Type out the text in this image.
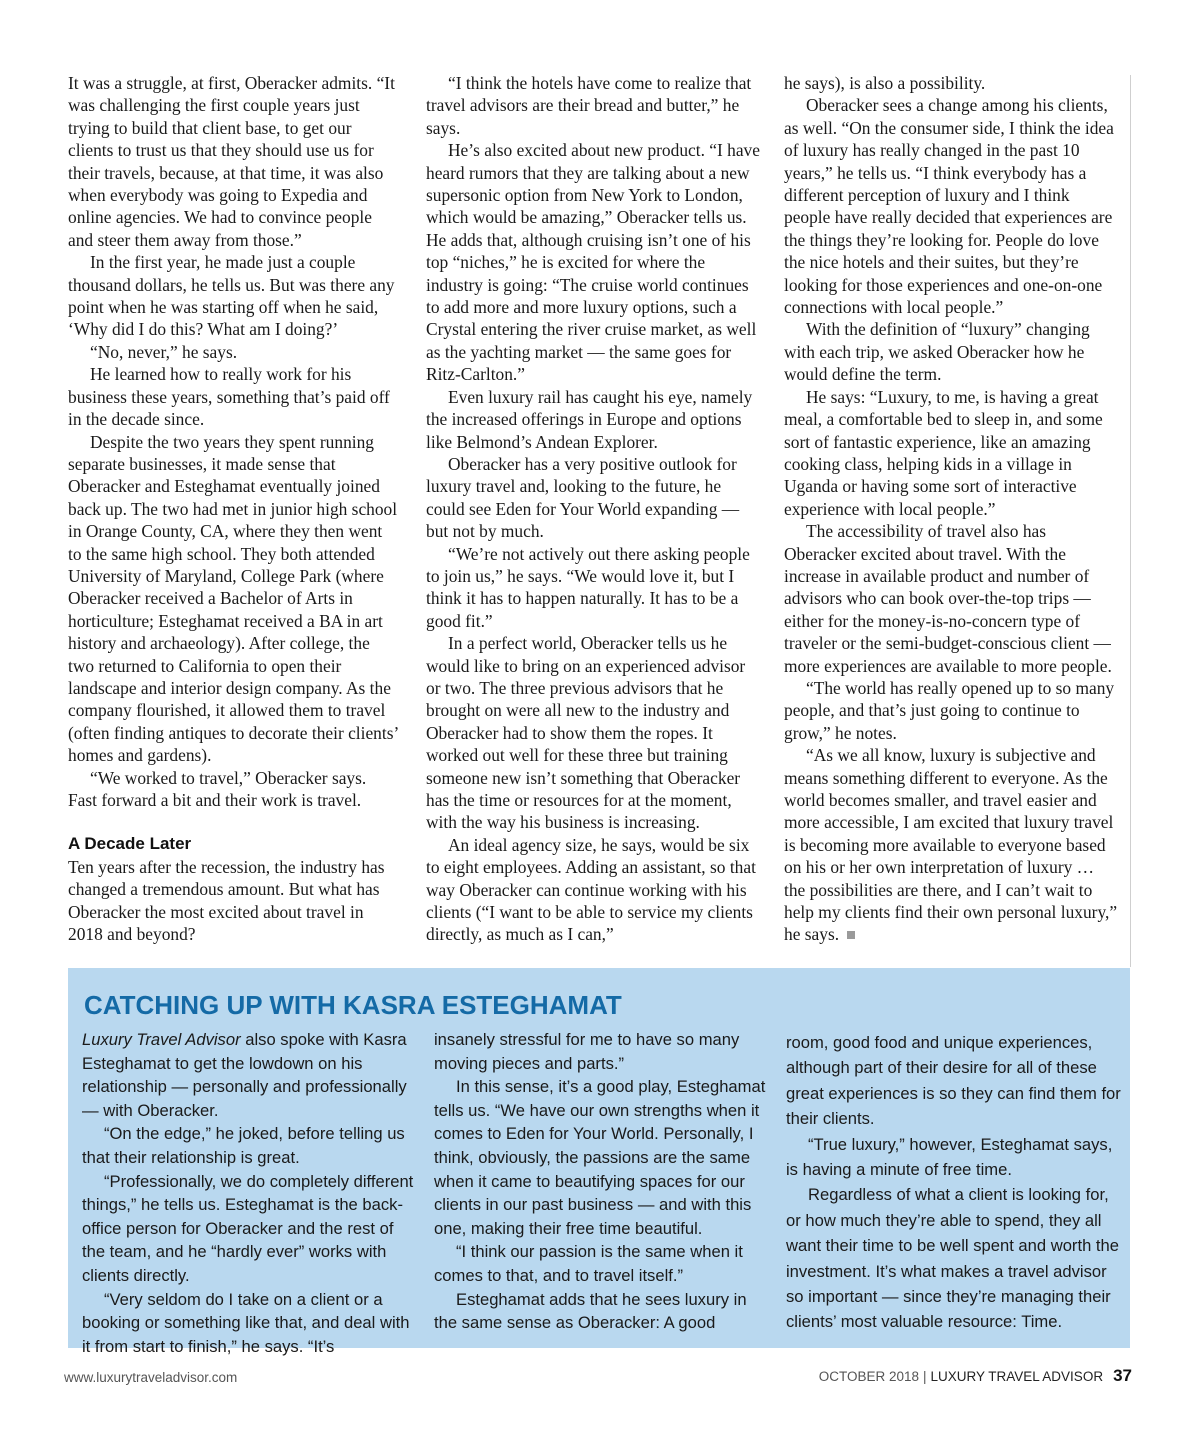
It was a struggle, at first, Oberacker admits. “It was challenging the first couple years just trying to build that client base, to get our clients to trust us that they should use us for their travels, because, at that time, it was also when everybody was going to Expedia and online agencies. We had to convince people and steer them away from those.”

In the first year, he made just a couple thousand dollars, he tells us. But was there any point when he was starting off when he said, ‘Why did I do this? What am I doing?’

“No, never,” he says.

He learned how to really work for his business these years, something that’s paid off in the decade since.

Despite the two years they spent running separate businesses, it made sense that Oberacker and Esteghamat eventually joined back up. The two had met in junior high school in Orange County, CA, where they then went to the same high school. They both attended University of Maryland, College Park (where Oberacker received a Bachelor of Arts in horticulture; Esteghamat received a BA in art history and archaeology). After college, the two returned to California to open their landscape and interior design company. As the company flourished, it allowed them to travel (often finding antiques to decorate their clients’ homes and gardens).

“We worked to travel,” Oberacker says. Fast forward a bit and their work is travel.

A Decade Later

Ten years after the recession, the industry has changed a tremendous amount. But what has Oberacker the most excited about travel in 2018 and beyond?

“I think the hotels have come to realize that travel advisors are their bread and butter,” he says.

He’s also excited about new product. “I have heard rumors that they are talking about a new supersonic option from New York to London, which would be amazing,” Oberacker tells us. He adds that, although cruising isn’t one of his top “niches,” he is excited for where the industry is going: “The cruise world continues to add more and more luxury options, such a Crystal entering the river cruise market, as well as the yachting market — the same goes for Ritz-Carlton.”

Even luxury rail has caught his eye, namely the increased offerings in Europe and options like Belmond’s Andean Explorer.

Oberacker has a very positive outlook for luxury travel and, looking to the future, he could see Eden for Your World expanding — but not by much.

“We’re not actively out there asking people to join us,” he says. “We would love it, but I think it has to happen naturally. It has to be a good fit.”

In a perfect world, Oberacker tells us he would like to bring on an experienced advisor or two. The three previous advisors that he brought on were all new to the industry and Oberacker had to show them the ropes. It worked out well for these three but training someone new isn’t something that Oberacker has the time or resources for at the moment, with the way his business is increasing.

An ideal agency size, he says, would be six to eight employees. Adding an assistant, so that way Oberacker can continue working with his clients (“I want to be able to service my clients directly, as much as I can,”

he says), is also a possibility.

Oberacker sees a change among his clients, as well. “On the consumer side, I think the idea of luxury has really changed in the past 10 years,” he tells us. “I think everybody has a different perception of luxury and I think people have really decided that experiences are the things they’re looking for. People do love the nice hotels and their suites, but they’re looking for those experiences and one-on-one connections with local people.”

With the definition of “luxury” changing with each trip, we asked Oberacker how he would define the term.

He says: “Luxury, to me, is having a great meal, a comfortable bed to sleep in, and some sort of fantastic experience, like an amazing cooking class, helping kids in a village in Uganda or having some sort of interactive experience with local people.”

The accessibility of travel also has Oberacker excited about travel. With the increase in available product and number of advisors who can book over-the-top trips — either for the money-is-no-concern type of traveler or the semi-budget-conscious client — more experiences are available to more people.

“The world has really opened up to so many people, and that’s just going to continue to grow,” he notes.

“As we all know, luxury is subjective and means something different to everyone. As the world becomes smaller, and travel easier and more accessible, I am excited that luxury travel is becoming more available to everyone based on his or her own interpretation of luxury … the possibilities are there, and I can’t wait to help my clients find their own personal luxury,” he says.

CATCHING UP WITH KASRA ESTEGHAMAT

Luxury Travel Advisor also spoke with Kasra Esteghamat to get the lowdown on his relationship — personally and professionally — with Oberacker.

“On the edge,” he joked, before telling us that their relationship is great.

“Professionally, we do completely different things,” he tells us. Esteghamat is the back-office person for Oberacker and the rest of the team, and he “hardly ever” works with clients directly.

“Very seldom do I take on a client or a booking or something like that, and deal with it from start to finish,” he says. “It’s

insanely stressful for me to have so many moving pieces and parts.”

In this sense, it’s a good play, Esteghamat tells us. “We have our own strengths when it comes to Eden for Your World. Personally, I think, obviously, the passions are the same when it came to beautifying spaces for our clients in our past business — and with this one, making their free time beautiful.

“I think our passion is the same when it comes to that, and to travel itself.”

Esteghamat adds that he sees luxury in the same sense as Oberacker: A good

room, good food and unique experiences, although part of their desire for all of these great experiences is so they can find them for their clients.

“True luxury,” however, Esteghamat says, is having a minute of free time.

Regardless of what a client is looking for, or how much they’re able to spend, they all want their time to be well spent and worth the investment. It’s what makes a travel advisor so important — since they’re managing their clients’ most valuable resource: Time.

www.luxurytraveladvisor.com	OCTOBER 2018 | LUXURY TRAVEL ADVISOR 37
